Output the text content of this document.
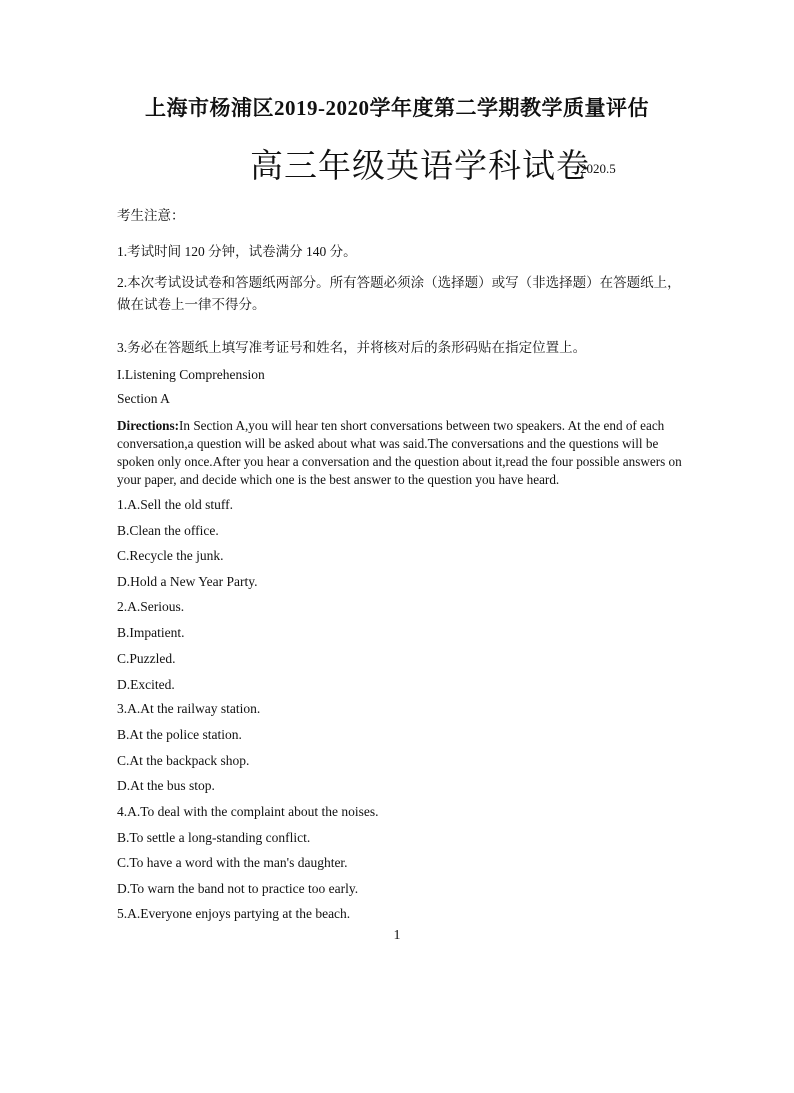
上海市杨浦区2019-2020学年度第二学期教学质量评估
高三年级英语学科试卷
2020.5
考生注意：
1.考试时间 120 分钟，试卷满分 140 分。
2.本次考试设试卷和答题纸两部分。所有答题必须涂（选择题）或写（非选择题）在答题纸上，做在试卷上一律不得分。
3.务必在答题纸上填写准考证号和姓名，并将核对后的条形码贴在指定位置上。
I.Listening Comprehension
Section A
Directions:In Section A,you will hear ten short conversations between two speakers. At the end of each conversation,a question will be asked about what was said.The conversations and the questions will be spoken only once.After you hear a conversation and the question about it,read the four possible answers on your paper, and decide which one is the best answer to the question you have heard.
1.A.Sell the old stuff.
B.Clean the office.
C.Recycle the junk.
D.Hold a New Year Party.
2.A.Serious.
B.Impatient.
C.Puzzled.
D.Excited.
3.A.At the railway station.
B.At the police station.
C.At the backpack shop.
D.At the bus stop.
4.A.To deal with the complaint about the noises.
B.To settle a long-standing conflict.
C.To have a word with the man's daughter.
D.To warn the band not to practice too early.
5.A.Everyone enjoys partying at the beach.
1
